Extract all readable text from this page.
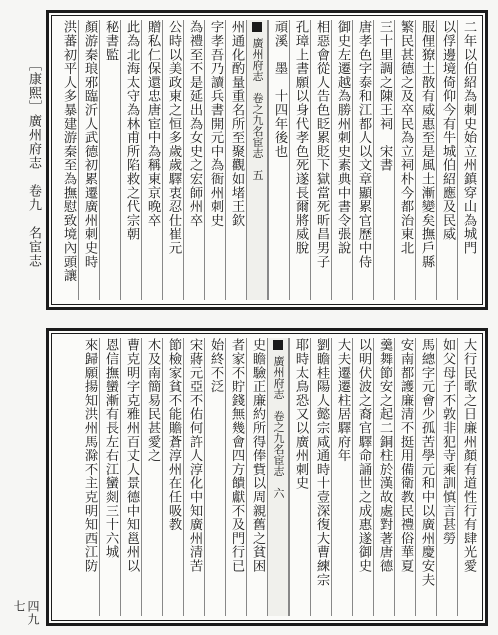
［康熙］廣州府志　卷九　名宦志
四九七
二年以伯紹為刺史始立州鎮穿山為城門
以俘邊境倚仰今有牛城伯紹應及民威
服俚獠土散有威惠至是風土漸變矣撫戶縣
繁民甚德之及卒民為立祠朴今都治東北
三十里調之陳王祠　宋書
唐孝色字泰和江都人以文章顯累官歷中侍
御史左遷越為勝州刺史素典中書令張說
相惡會從人告色眨累貶下獄當死昕昌男子
孔璋上書願以身代孝色死遂長爾將威脫
頑溪　墨　十四年後也
廣州府志　卷之九名宦志　五
州通化酌量重名所至聚觀如堵王欽
字孝吾乃讀兵書開元中為衙州刺史
為禮至不是延出為女史之宏師州卒
公時以美政東之恒多歲歲驛衷忍仕崔元
贈私仁保還忠唐宦中為稱東京晚卒
此為北海太守為林甫所陷救之代宗朝
秘書監
顏游秦琅邪臨沂人武德初累遷廣州刺史時
洪蕃初平人多暴建游秦至為撫慰致境內頭讓
大行民歌之日廉州顏有道性行有肆光愛
如父母子不敦非犯寺乘訓慎言甚勞
馬總字元會少孤苦學元和中以廣州慶安夫
安南都護廉清不挺用備衛教民禮俗華夏
羹舞節安之起二銅柱於漢故處對著唐德
以明伏波之裔官驛命誦世之成惠遂御史
大夫遷遷柱居驛府年
劉瞻桂陽人懿宗咸通時十壹深復大曹練宗
耶時太鳥恐又以廣州刺史
廣州府志　卷之九名宦志　六
史瞻驗正廉約所得俸貲以周親舊之貧困
者家不貯錢無幾會四方饋獻不及門行已
始終不泛
宋蔣元亞不佑何許人淳化中知廣州清苦
節檢家貧不能贍蒼淳州在任吸教
木及南簡易民甚愛之
曹克明字克雅州百丈人景德中知邕州以
恩信撫蠻漸有長左右江蠻剡三十六城
來歸願揚知洪州馬滁不主克明知西江防
